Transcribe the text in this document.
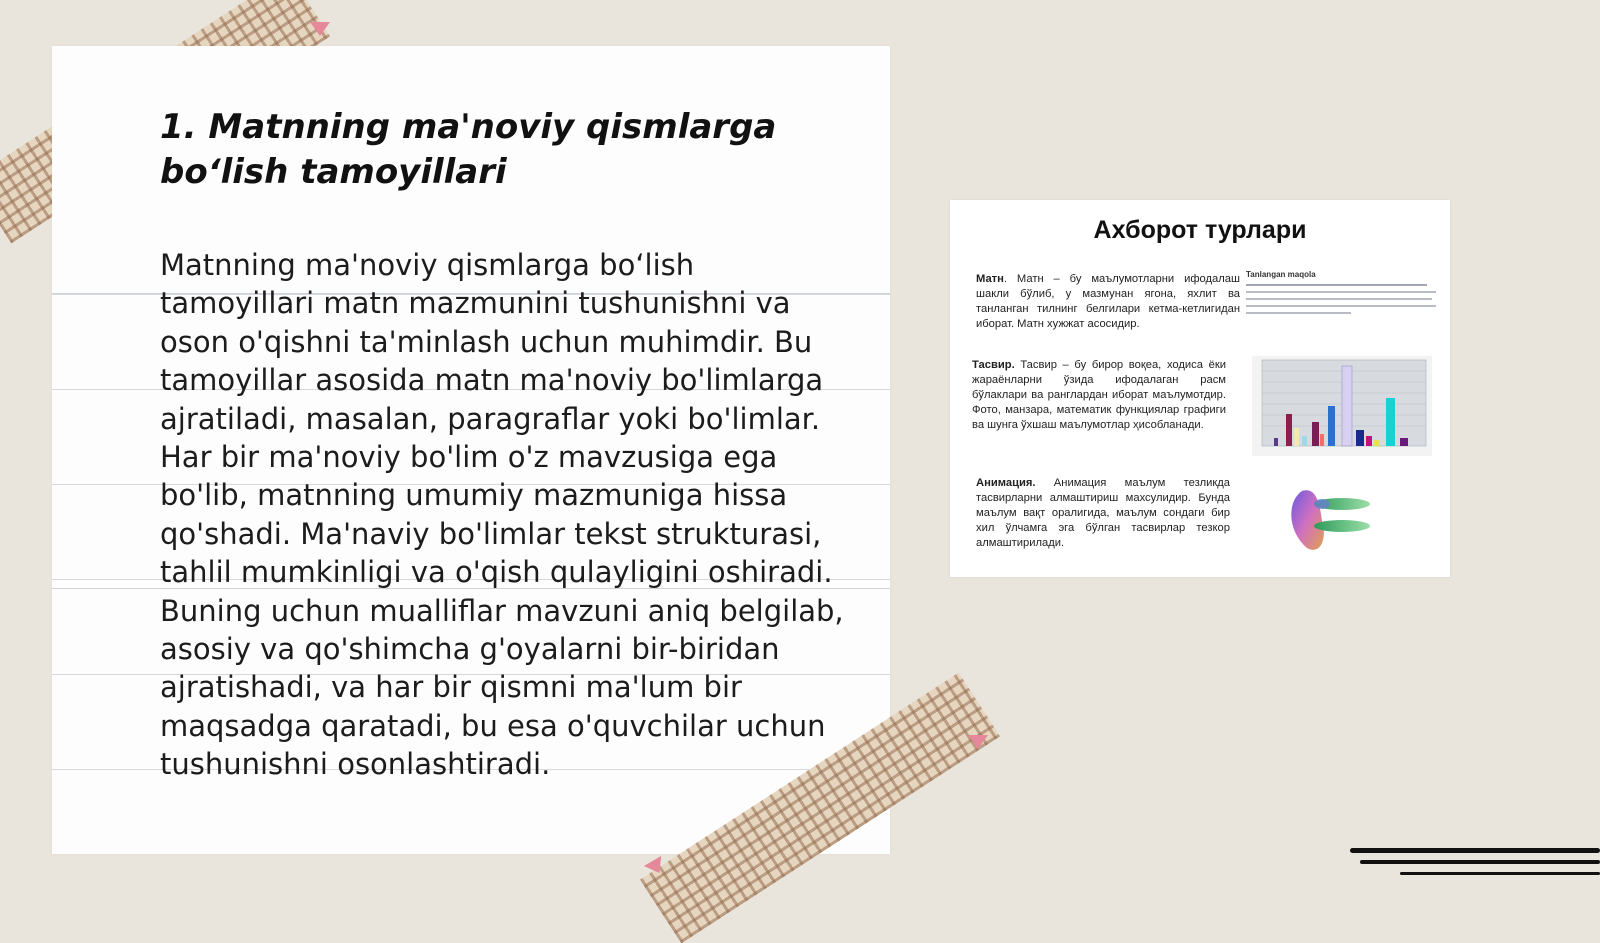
1. Matnning ma'noviy qismlarga bo‘lish tamoyillari

Matnning ma'noviy qismlarga bo‘lish tamoyillari matn mazmunini tushunishni va oson o'qishni ta'minlash uchun muhimdir. Bu tamoyillar asosida matn ma'noviy bo'limlarga ajratiladi, masalan, paragraflar yoki bo'limlar. Har bir ma'noviy bo'lim o'z mavzusiga ega bo'lib, matnning umumiy mazmuniga hissa qo'shadi. Ma'naviy bo'limlar tekst strukturasi, tahlil mumkinligi va o'qish qulayligini oshiradi. Buning uchun mualliflar mavzuni aniq belgilab, asosiy va qo'shimcha g'oyalarni bir-biridan ajratishadi, va har bir qismni ma'lum bir maqsadga qaratadi, bu esa o'quvchilar uchun tushunishni osonlashtiradi.

Ахборот турлари
Матн. Матн – бу маълумотларни ифодалаш шакли бўлиб, у мазмунан ягона, яхлит ва танланган тилнинг белгилари кетма-кетлигидан иборат. Матн хужжат асосидир.
Tanlangan maqola
Тасвир. Тасвир – бу бирор воқеа, ходиса ёки жараёнларни ўзида ифодалаган расм бўлаклари ва ранглардан иборат маълумотдир. Фото, манзара, математик функциялар графиги ва шунга ўхшаш маълумотлар ҳисобланади.
Анимация. Анимация маълум тезликда тасвирларни алмаштириш махсулидир. Бунда маълум вақт оралигида, маълум сондаги бир хил ўлчамга эга бўлган тасвирлар тезкор алмаштирилади.
